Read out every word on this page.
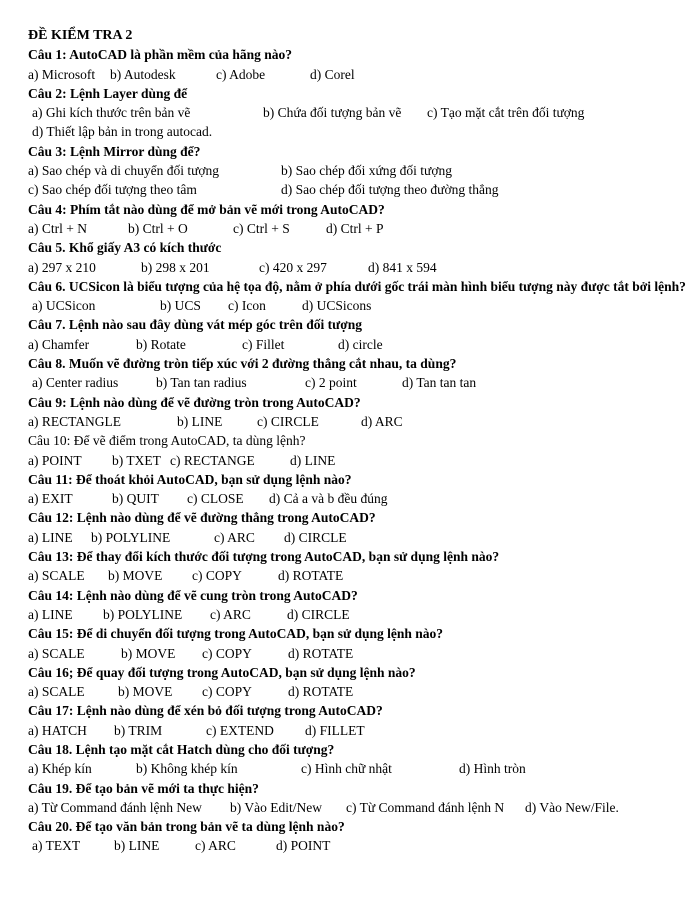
ĐỀ KIỂM TRA 2
Câu 1: AutoCAD là phần mềm của hãng nào?
a) Microsoft b) Autodesk	c) Adobe	d) Corel
Câu 2: Lệnh Layer dùng để
a) Ghi kích thước trên bản vẽ	b) Chứa đối tượng bản vẽ c) Tạo mặt cắt trên đối tượng
d) Thiết lập bản in trong autocad.
Câu 3: Lệnh Mirror dùng để?
a) Sao chép và di chuyển đối tượng	b) Sao chép đối xứng đối tượng
c) Sao chép đối tượng theo tâm	d) Sao chép đối tượng theo đường thẳng
Câu 4: Phím tắt nào dùng để mở bản vẽ mới trong AutoCAD?
a) Ctrl + N	b) Ctrl + O	c) Ctrl + S	d) Ctrl + P
Câu 5. Khổ giấy A3 có kích thước
a) 297 x 210	b) 298 x 201	c) 420 x 297	d) 841 x 594
Câu 6. UCSicon là biểu tượng của hệ tọa độ, nằm ở phía dưới gốc trái màn hình biểu tượng này được tắt bởi lệnh?
a) UCSicon	b) UCS c) Icon	d) UCSicons
Câu 7. Lệnh nào sau đây dùng vát mép góc trên đối tượng
a) Chamfer	b) Rotate	c) Fillet	d) circle
Câu 8. Muốn vẽ đường tròn tiếp xúc với 2 đường thẳng cắt nhau, ta dùng?
a) Center radius	b) Tan tan radius	c) 2 point	d) Tan tan tan
Câu 9: Lệnh nào dùng để vẽ đường tròn trong AutoCAD?
a) RECTANGLE	b) LINE	c) CIRCLE	d) ARC
Câu 10: Để vẽ điểm trong AutoCAD, ta dùng lệnh?
a) POINT b) TXET c) RECTANGE	d) LINE
Câu 11: Để thoát khỏi AutoCAD, bạn sử dụng lệnh nào?
a) EXIT	b) QUIT c) CLOSE d) Cả a và b đều đúng
Câu 12: Lệnh nào dùng để vẽ đường thẳng trong AutoCAD?
a) LINE b) POLYLINE	c) ARC d) CIRCLE
Câu 13: Để thay đổi kích thước đối tượng trong AutoCAD, bạn sử dụng lệnh nào?
a) SCALE b) MOVE c) COPY	d) ROTATE
Câu 14: Lệnh nào dùng để vẽ cung tròn trong AutoCAD?
a) LINE b) POLYLINE c) ARC	d) CIRCLE
Câu 15: Để di chuyển đối tượng trong AutoCAD, bạn sử dụng lệnh nào?
a) SCALE	b) MOVE c) COPY	d) ROTATE
Câu 16; Để quay đối tượng trong AutoCAD, bạn sử dụng lệnh nào?
a) SCALE b) MOVE c) COPY	d) ROTATE
Câu 17: Lệnh nào dùng để xén bỏ đối tượng trong AutoCAD?
a) HATCH b) TRIM	c) EXTEND d) FILLET
Câu 18. Lệnh tạo mặt cắt Hatch dùng cho đối tượng?
a) Khép kín	b) Không khép kín	c) Hình chữ nhật	d) Hình tròn
Câu 19. Để tạo bản vẽ mới ta thực hiện?
a) Từ Command đánh lệnh New b) Vào Edit/New c) Từ Command đánh lệnh N d) Vào New/File.
Câu 20. Để tạo văn bản trong bản vẽ ta dùng lệnh nào?
a) TEXT	b) LINE	c) ARC	d) POINT
